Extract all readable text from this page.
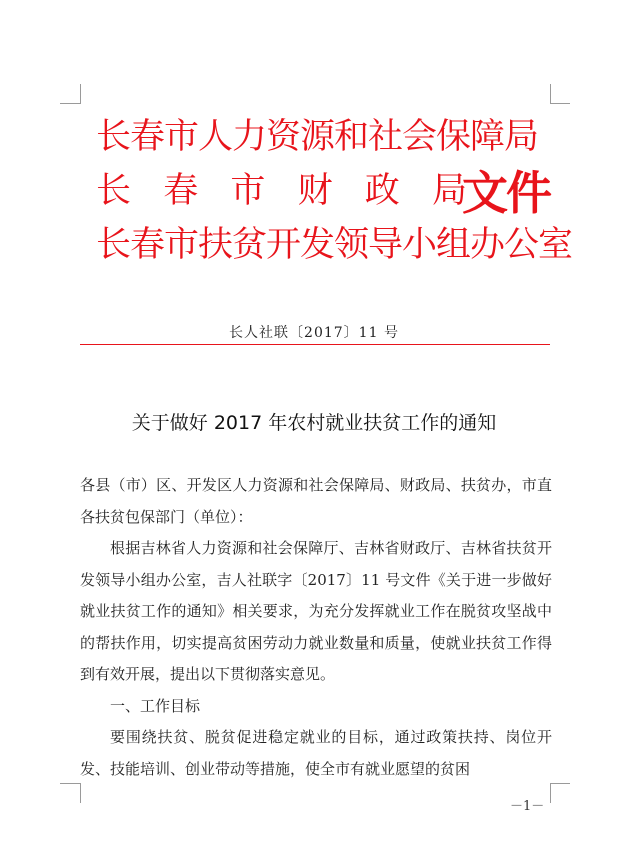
长春市人力资源和社会保障局
长 春 市 财 政 局
长春市扶贫开发领导小组办公室
文件
长人社联〔2017〕11 号
关于做好 2017 年农村就业扶贫工作的通知

各县（市）区、开发区人力资源和社会保障局、财政局、扶贫办，市直各扶贫包保部门（单位）：

根据吉林省人力资源和社会保障厅、吉林省财政厅、吉林省扶贫开发领导小组办公室，吉人社联字〔2017〕11 号文件《关于进一步做好就业扶贫工作的通知》相关要求，为充分发挥就业工作在脱贫攻坚战中的帮扶作用，切实提高贫困劳动力就业数量和质量，使就业扶贫工作得到有效开展，提出以下贯彻落实意见。

一、工作目标

要围绕扶贫、脱贫促进稳定就业的目标，通过政策扶持、岗位开发、技能培训、创业带动等措施，使全市有就业愿望的贫困

－1－
